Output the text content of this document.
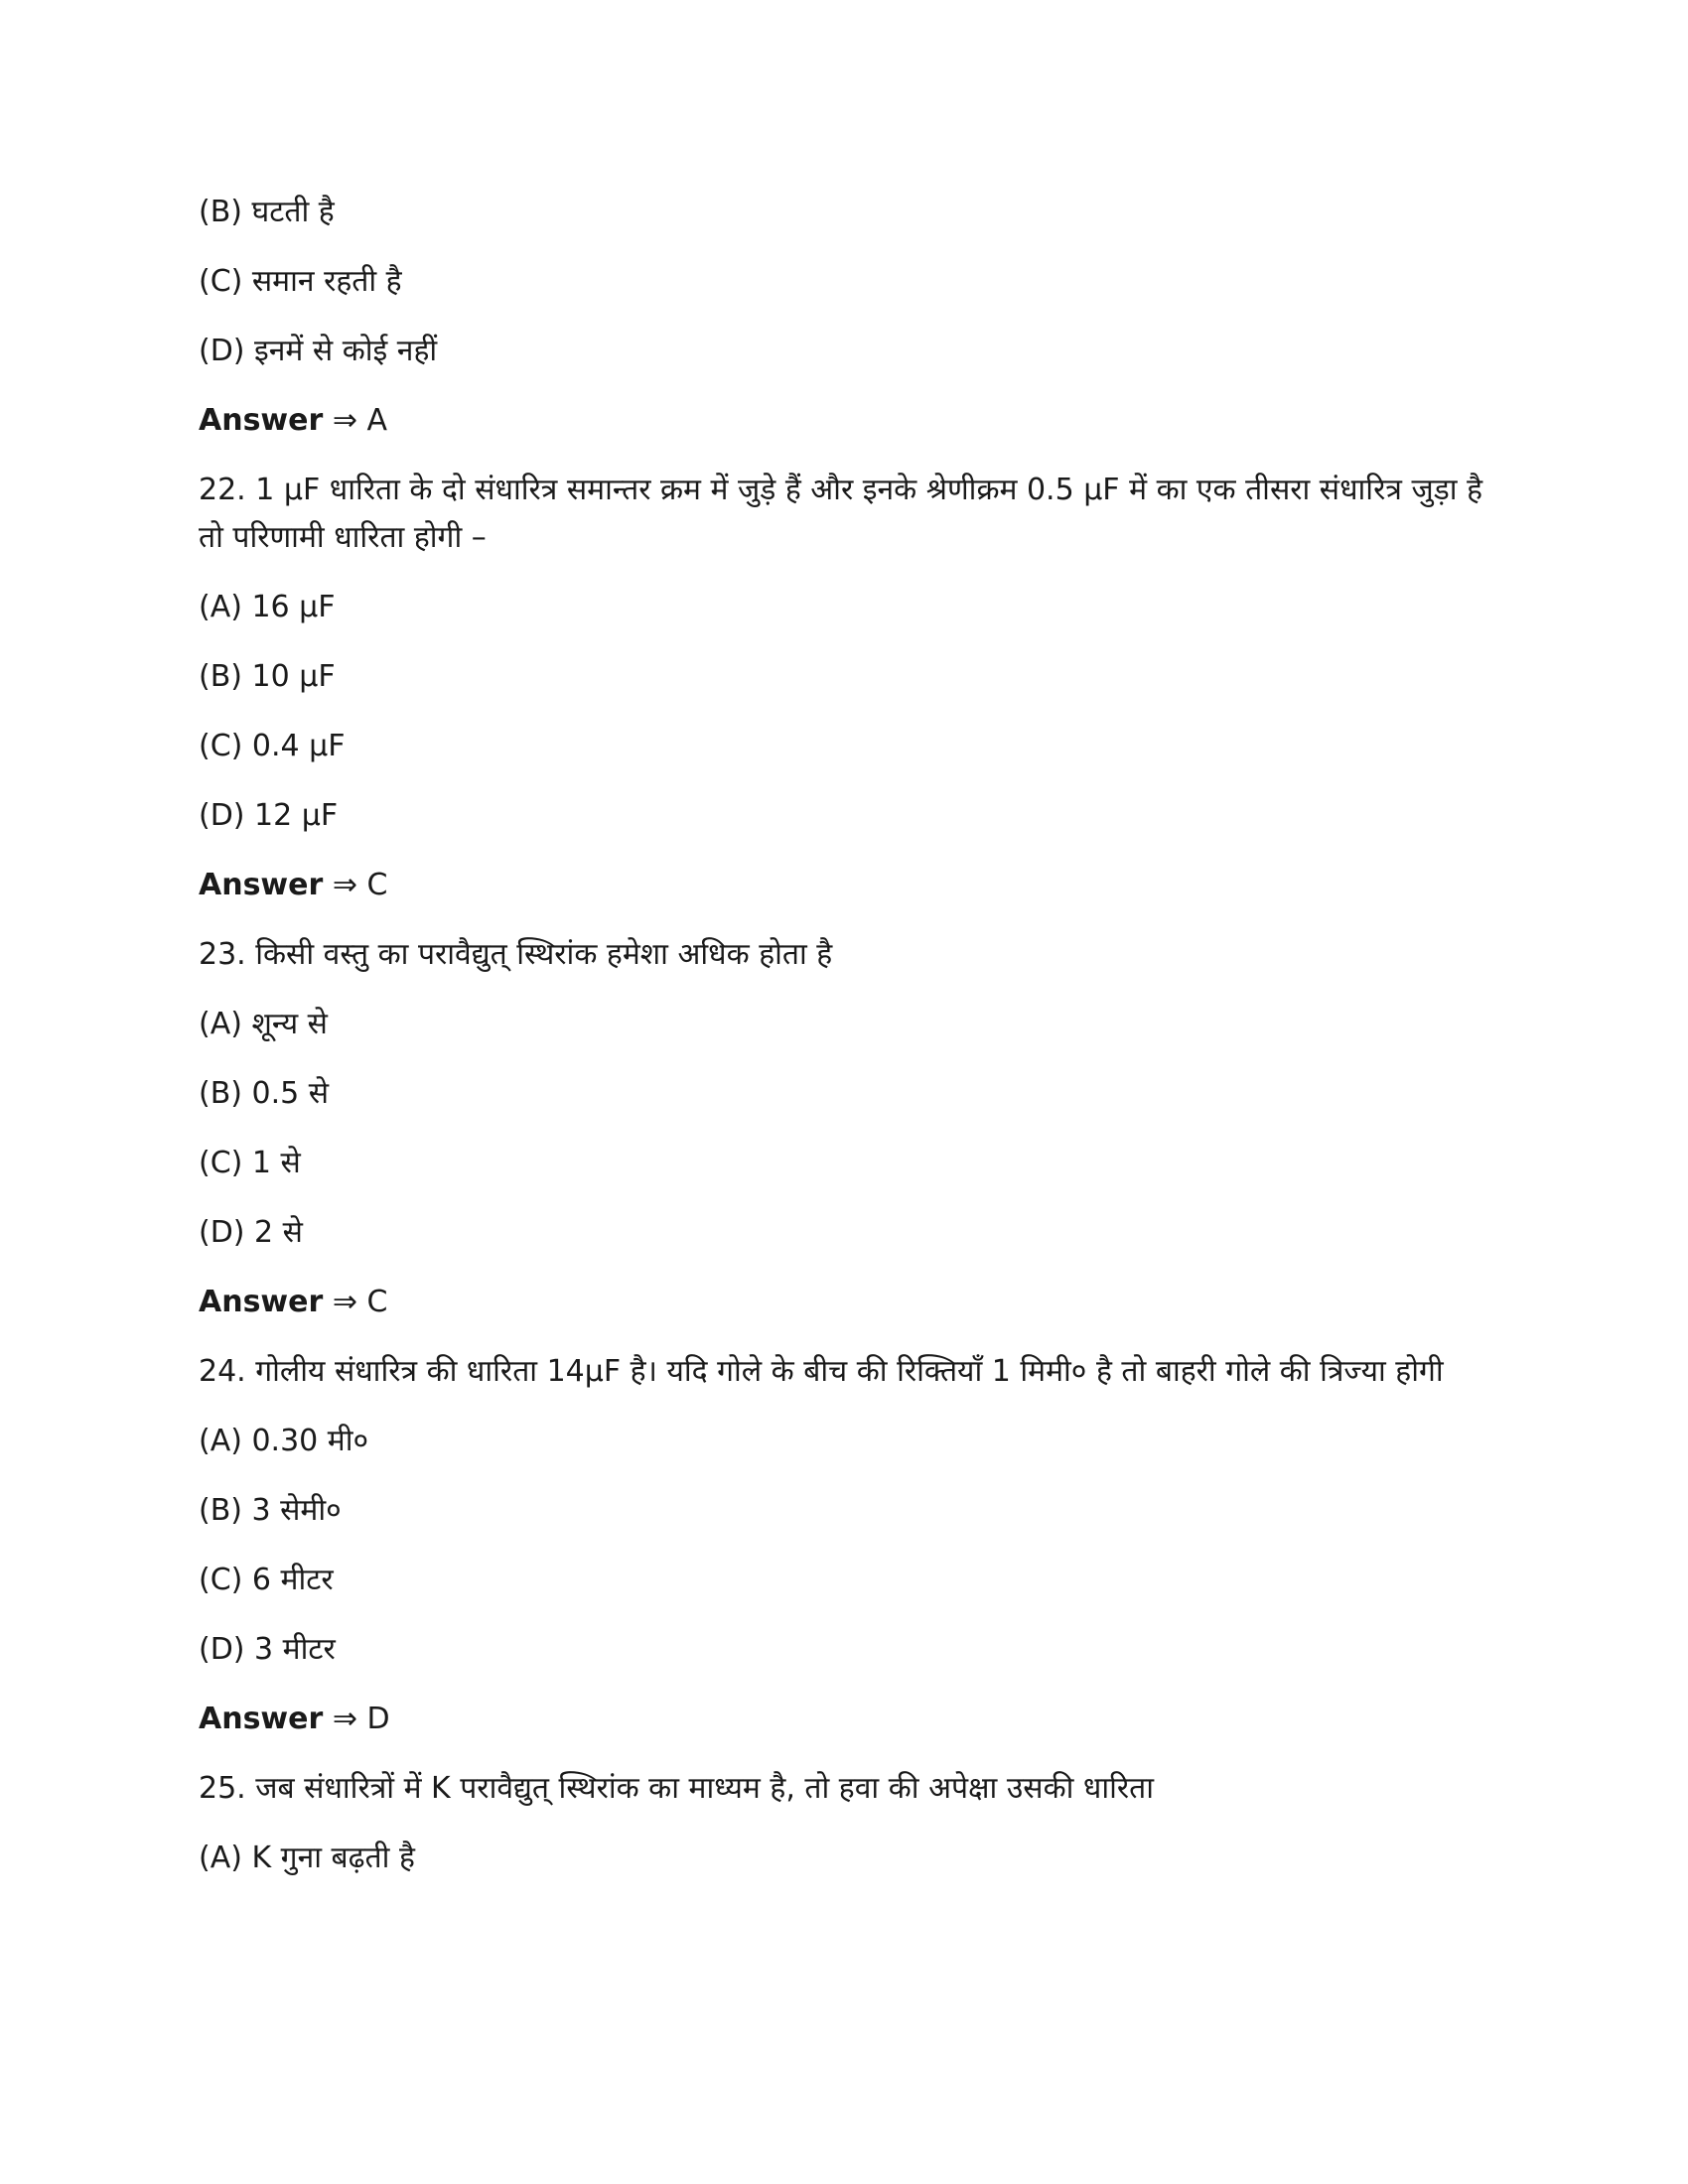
(B) घटती है
(C) समान रहती है
(D) इनमें से कोई नहीं
Answer ⇒ A
22. 1 μF धारिता के दो संधारित्र समान्तर क्रम में जुड़े हैं और इनके श्रेणीक्रम 0.5 μF में का एक तीसरा संधारित्र जुड़ा है तो परिणामी धारिता होगी –
(A) 16 μF
(B) 10 μF
(C) 0.4 μF
(D) 12 μF
Answer ⇒ C
23. किसी वस्तु का परावैद्युत् स्थिरांक हमेशा अधिक होता है
(A) शून्य से
(B) 0.5 से
(C) 1 से
(D) 2 से
Answer ⇒ C
24. गोलीय संधारित्र की धारिता 14μF है। यदि गोले के बीच की रिक्तियाँ 1 मिमी० है तो बाहरी गोले की त्रिज्या होगी
(A) 0.30 मी०
(B) 3 सेमी०
(C) 6 मीटर
(D) 3 मीटर
Answer ⇒ D
25. जब संधारित्रों में K परावैद्युत् स्थिरांक का माध्यम है, तो हवा की अपेक्षा उसकी धारिता
(A) K गुना बढ़ती है
